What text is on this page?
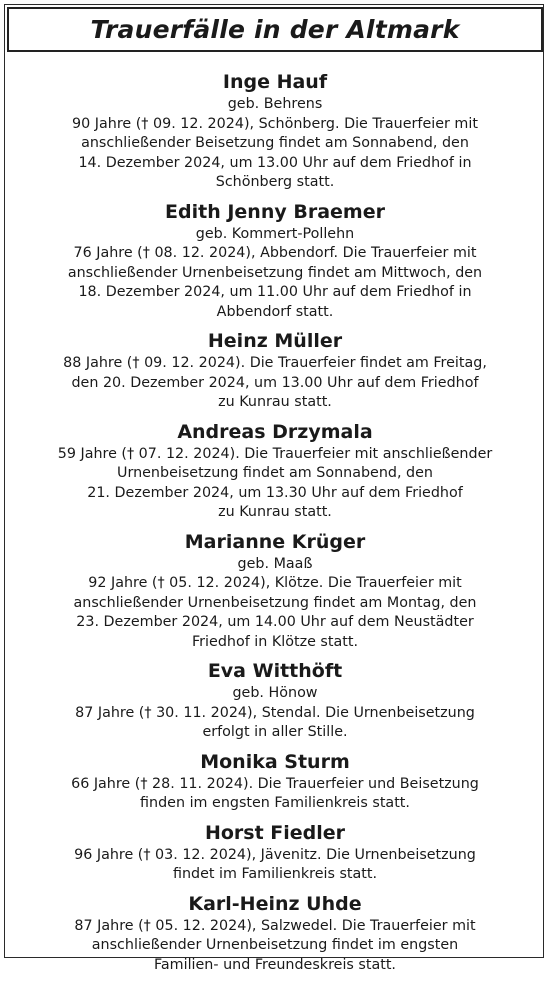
Trauerfälle in der Altmark
Inge Hauf
geb. Behrens
90 Jahre († 09. 12. 2024), Schönberg. Die Trauerfeier mit
anschließender Beisetzung findet am Sonnabend, den
14. Dezember 2024, um 13.00 Uhr auf dem Friedhof in
Schönberg statt.
Edith Jenny Braemer
geb. Kommert-Pollehn
76 Jahre († 08. 12. 2024), Abbendorf. Die Trauerfeier mit
anschließender Urnenbeisetzung findet am Mittwoch, den
18. Dezember 2024, um 11.00 Uhr auf dem Friedhof in
Abbendorf statt.
Heinz Müller
88 Jahre († 09. 12. 2024). Die Trauerfeier findet am Freitag,
den 20. Dezember 2024, um 13.00 Uhr auf dem Friedhof
zu Kunrau statt.
Andreas Drzymala
59 Jahre († 07. 12. 2024). Die Trauerfeier mit anschließender
Urnenbeisetzung findet am Sonnabend, den
21. Dezember 2024, um 13.30 Uhr auf dem Friedhof
zu Kunrau statt.
Marianne Krüger
geb. Maaß
92 Jahre († 05. 12. 2024), Klötze. Die Trauerfeier mit
anschließender Urnenbeisetzung findet am Montag, den
23. Dezember 2024, um 14.00 Uhr auf dem Neustädter
Friedhof in Klötze statt.
Eva Witthöft
geb. Hönow
87 Jahre († 30. 11. 2024), Stendal. Die Urnenbeisetzung
erfolgt in aller Stille.
Monika Sturm
66 Jahre († 28. 11. 2024). Die Trauerfeier und Beisetzung
finden im engsten Familienkreis statt.
Horst Fiedler
96 Jahre († 03. 12. 2024), Jävenitz. Die Urnenbeisetzung
findet im Familienkreis statt.
Karl-Heinz Uhde
87 Jahre († 05. 12. 2024), Salzwedel. Die Trauerfeier mit
anschließender Urnenbeisetzung findet im engsten
Familien- und Freundeskreis statt.
